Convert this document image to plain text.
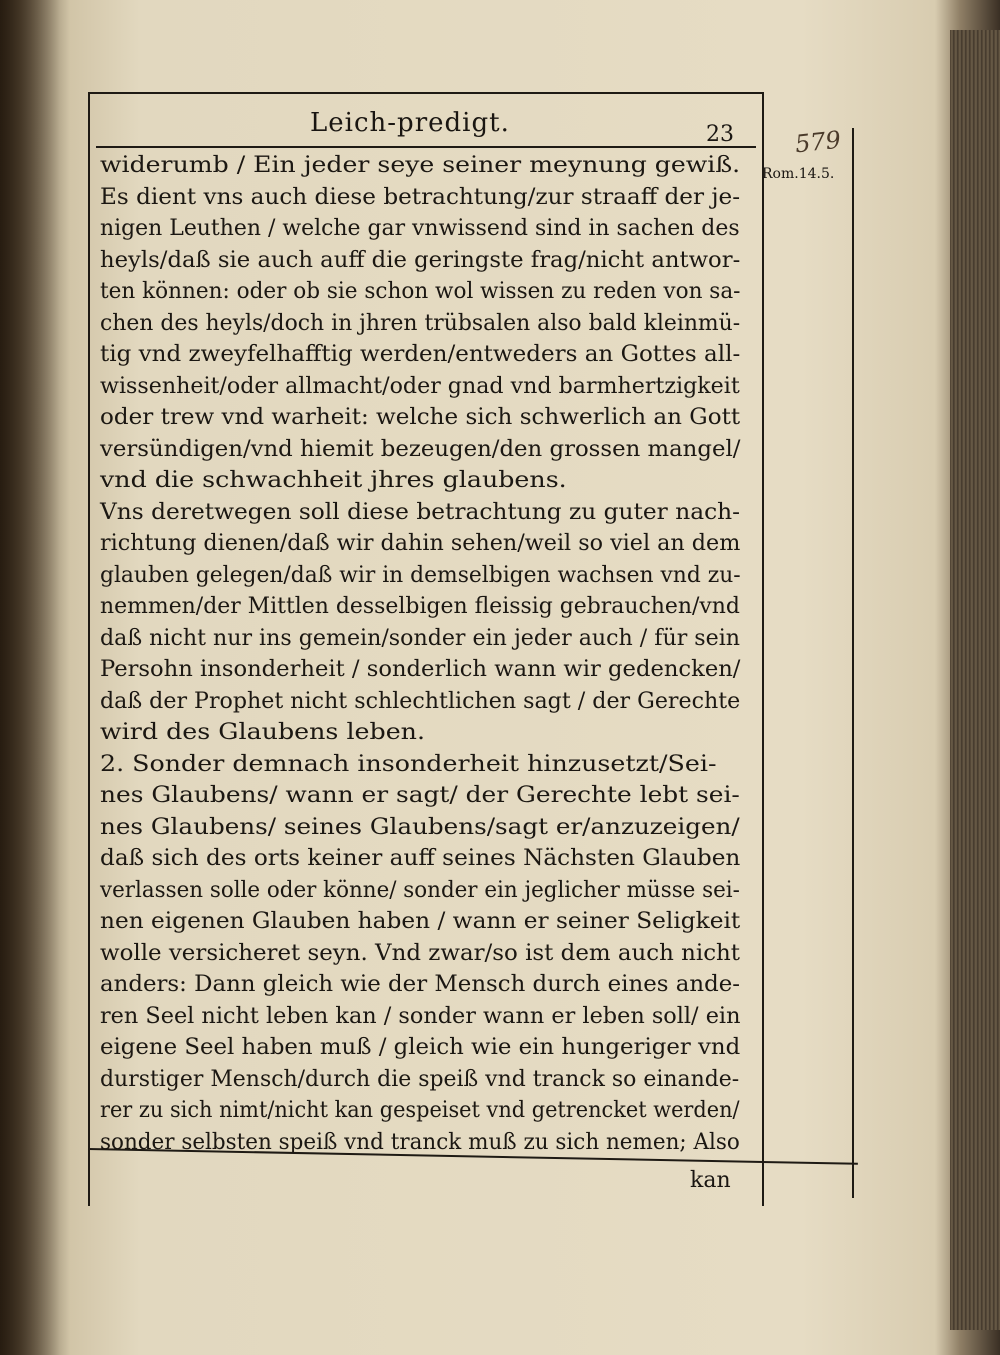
Leich-predigt.	23 579
Rom.14.5.
widerumb / Ein jeder seye seiner meynung gewiß.
Es dient vns auch diese betrachtung/zur straaff der je-
nigen Leuthen / welche gar vnwissend sind in sachen des
heyls/daß sie auch auff die geringste frag/nicht antwor-
ten können: oder ob sie schon wol wissen zu reden von sa-
chen des heyls/doch in jhren trübsalen also bald kleinmü-
tig vnd zweyfelhafftig werden/entweders an Gottes all-
wissenheit/oder allmacht/oder gnad vnd barmhertzigkeit
oder trew vnd warheit: welche sich schwerlich an Gott
versündigen/vnd hiemit bezeugen/den grossen mangel/
vnd die schwachheit jhres glaubens.
Vns deretwegen soll diese betrachtung zu guter nach-
richtung dienen/daß wir dahin sehen/weil so viel an dem
glauben gelegen/daß wir in demselbigen wachsen vnd zu-
nemmen/der Mittlen desselbigen fleissig gebrauchen/vnd
daß nicht nur ins gemein/sonder ein jeder auch / für sein
Persohn insonderheit / sonderlich wann wir gedencken/
daß der Prophet nicht schlechtlichen sagt / der Gerechte
wird des Glaubens leben.
2. Sonder demnach insonderheit hinzusetzt/Sei-
nes Glaubens/ wann er sagt/ der Gerechte lebt sei-
nes Glaubens/ seines Glaubens/sagt er/anzuzeigen/
daß sich des orts keiner auff seines Nächsten Glauben
verlassen solle oder könne/ sonder ein jeglicher müsse sei-
nen eigenen Glauben haben / wann er seiner Seligkeit
wolle versicheret seyn. Vnd zwar/so ist dem auch nicht
anders: Dann gleich wie der Mensch durch eines ande-
ren Seel nicht leben kan / sonder wann er leben soll/ ein
eigene Seel haben muß / gleich wie ein hungeriger vnd
durstiger Mensch/durch die speiß vnd tranck so einande-
rer zu sich nimt/nicht kan gespeiset vnd getrencket werden/
sonder selbsten speiß vnd tranck muß zu sich nemen; Also
kan
